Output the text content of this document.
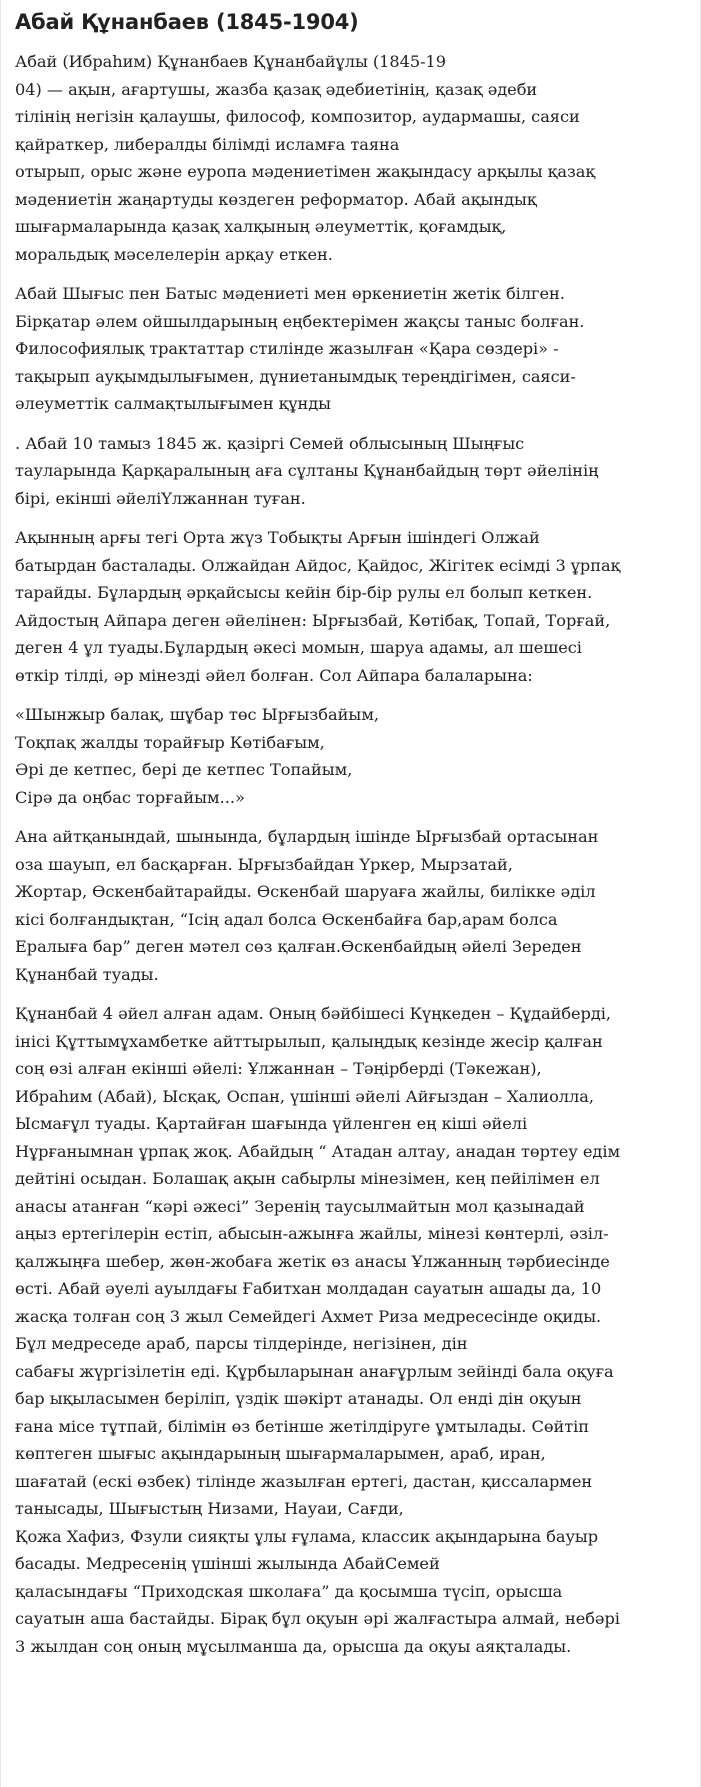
Абай Құнанбаев (1845-1904)

Абай (Ибраһим) Құнанбаев Құнанбайұлы (1845-19
04) — ақын, ағартушы, жазба қазақ әдебиетінің, қазақ әдеби
тілінің негізін қалаушы, философ, композитор, аудармашы, саяси
қайраткер, либералды білімді исламға таяна
отырып, орыс және еуропа мәдениетімен жақындасу арқылы қазақ
мәдениетін жаңартуды көздеген реформатор. Абай ақындық
шығармаларында қазақ халқының әлеуметтік, қоғамдық,
моральдық мәселелерін арқау еткен.

Абай Шығыс пен Батыс мәдениеті мен өркениетін жетік білген.
Бірқатар әлем ойшылдарының еңбектерімен жақсы таныс болған.
Философиялық трактаттар стилінде жазылған «Қара сөздері» -
тақырып ауқымдылығымен, дүниетанымдық тереңдігімен, саяси-
әлеуметтік салмақтылығымен құнды

. Абай 10 тамыз 1845 ж. қазіргі Семей облысының Шыңғыс
тауларында Қарқаралының аға сұлтаны Құнанбайдың төрт әйелінің
бірі, екінші әйеліҮлжаннан туған.

Ақынның арғы тегі Орта жүз Тобықты Арғын ішіндегі Олжай
батырдан басталады. Олжайдан Айдос, Қайдос, Жігітек есімді 3 ұрпақ
тарайды. Бұлардың әрқайсысы кейін бір-бір рулы ел болып кеткен.
Айдостың Айпара деген әйелінен: Ырғызбай, Көтібақ, Топай, Торғай,
деген 4 ұл туады.Бұлардың әкесі момын, шаруа адамы, ал шешесі
өткір тілді, әр мінезді әйел болған. Сол Айпара балаларына:

«Шынжыр балақ, шұбар төс Ырғызбайым,
Тоқпақ жалды торайғыр Көтібағым,
Әрі де кетпес, бері де кетпес Топайым,
Сірә да оңбас торғайым...»

Ана айтқанындай, шынында, бұлардың ішінде Ырғызбай ортасынан
оза шауып, ел басқарған. Ырғызбайдан Үркер, Мырзатай,
Жортар, Өскенбайтарайды. Өскенбай шаруаға жайлы, билікке әділ
кісі болғандықтан, “Ісің адал болса Өскенбайға бар,арам болса
Ералыға бар” деген мәтел сөз қалған.Өскенбайдың әйелі Зереден
Құнанбай туады.

Құнанбай 4 әйел алған адам. Оның бәйбішесі Күңкеден – Құдайберді,
інісі Құттымұхамбетке айттырылып, қалыңдық кезінде жесір қалған
соң өзі алған екінші әйелі: Ұлжаннан – Тәңірберді (Тәкежан),
Ибраһим (Абай), Ысқақ, Оспан, үшінші әйелі Айғыздан – Халиолла,
Ысмағұл туады. Қартайған шағында үйленген ең кіші әйелі
Нұрғанымнан ұрпақ жоқ. Абайдың “ Атадан алтау, анадан төртеу едім
дейтіні осыдан. Болашақ ақын сабырлы мінезімен, кең пейілімен ел
анасы атанған “кәрі әжесі” Зеренің таусылмайтын мол қазынадай
аңыз ертегілерін естіп, абысын-ажынға жайлы, мінезі көнтерлі, әзіл-
қалжыңға шебер, жөн-жобаға жетік өз анасы Ұлжанның тәрбиесінде
өсті. Абай әуелі ауылдағы Ғабитхан молдадан сауатын ашады да, 10
жасқа толған соң 3 жыл Семейдегі Ахмет Риза медресесінде оқиды.
Бұл медреседе араб, парсы тілдерінде, негізінен, дін
сабағы жүргізілетін еді. Құрбыларынан анағұрлым зейінді бала оқуға
бар ықыласымен беріліп, үздік шәкірт атанады. Ол енді дін оқуын
ғана місе тұтпай, білімін өз бетінше жетілдіруге ұмтылады. Сөйтіп
көптеген шығыс ақындарының шығармаларымен, араб, иран,
шағатай (ескі өзбек) тілінде жазылған ертегі, дастан, қиссалармен
танысады, Шығыстың Низами, Науаи, Сағди,
Қожа Хафиз, Фзули сияқты ұлы ғұлама, классик ақындарына бауыр
басады. Медресенің үшінші жылында АбайСемей
қаласындағы “Приходская школаға” да қосымша түсіп, орысша
сауатын аша бастайды. Бірақ бұл оқуын әрі жалғастыра алмай, небәрі
3 жылдан соң оның мұсылманша да, орысша да оқуы аяқталады.
